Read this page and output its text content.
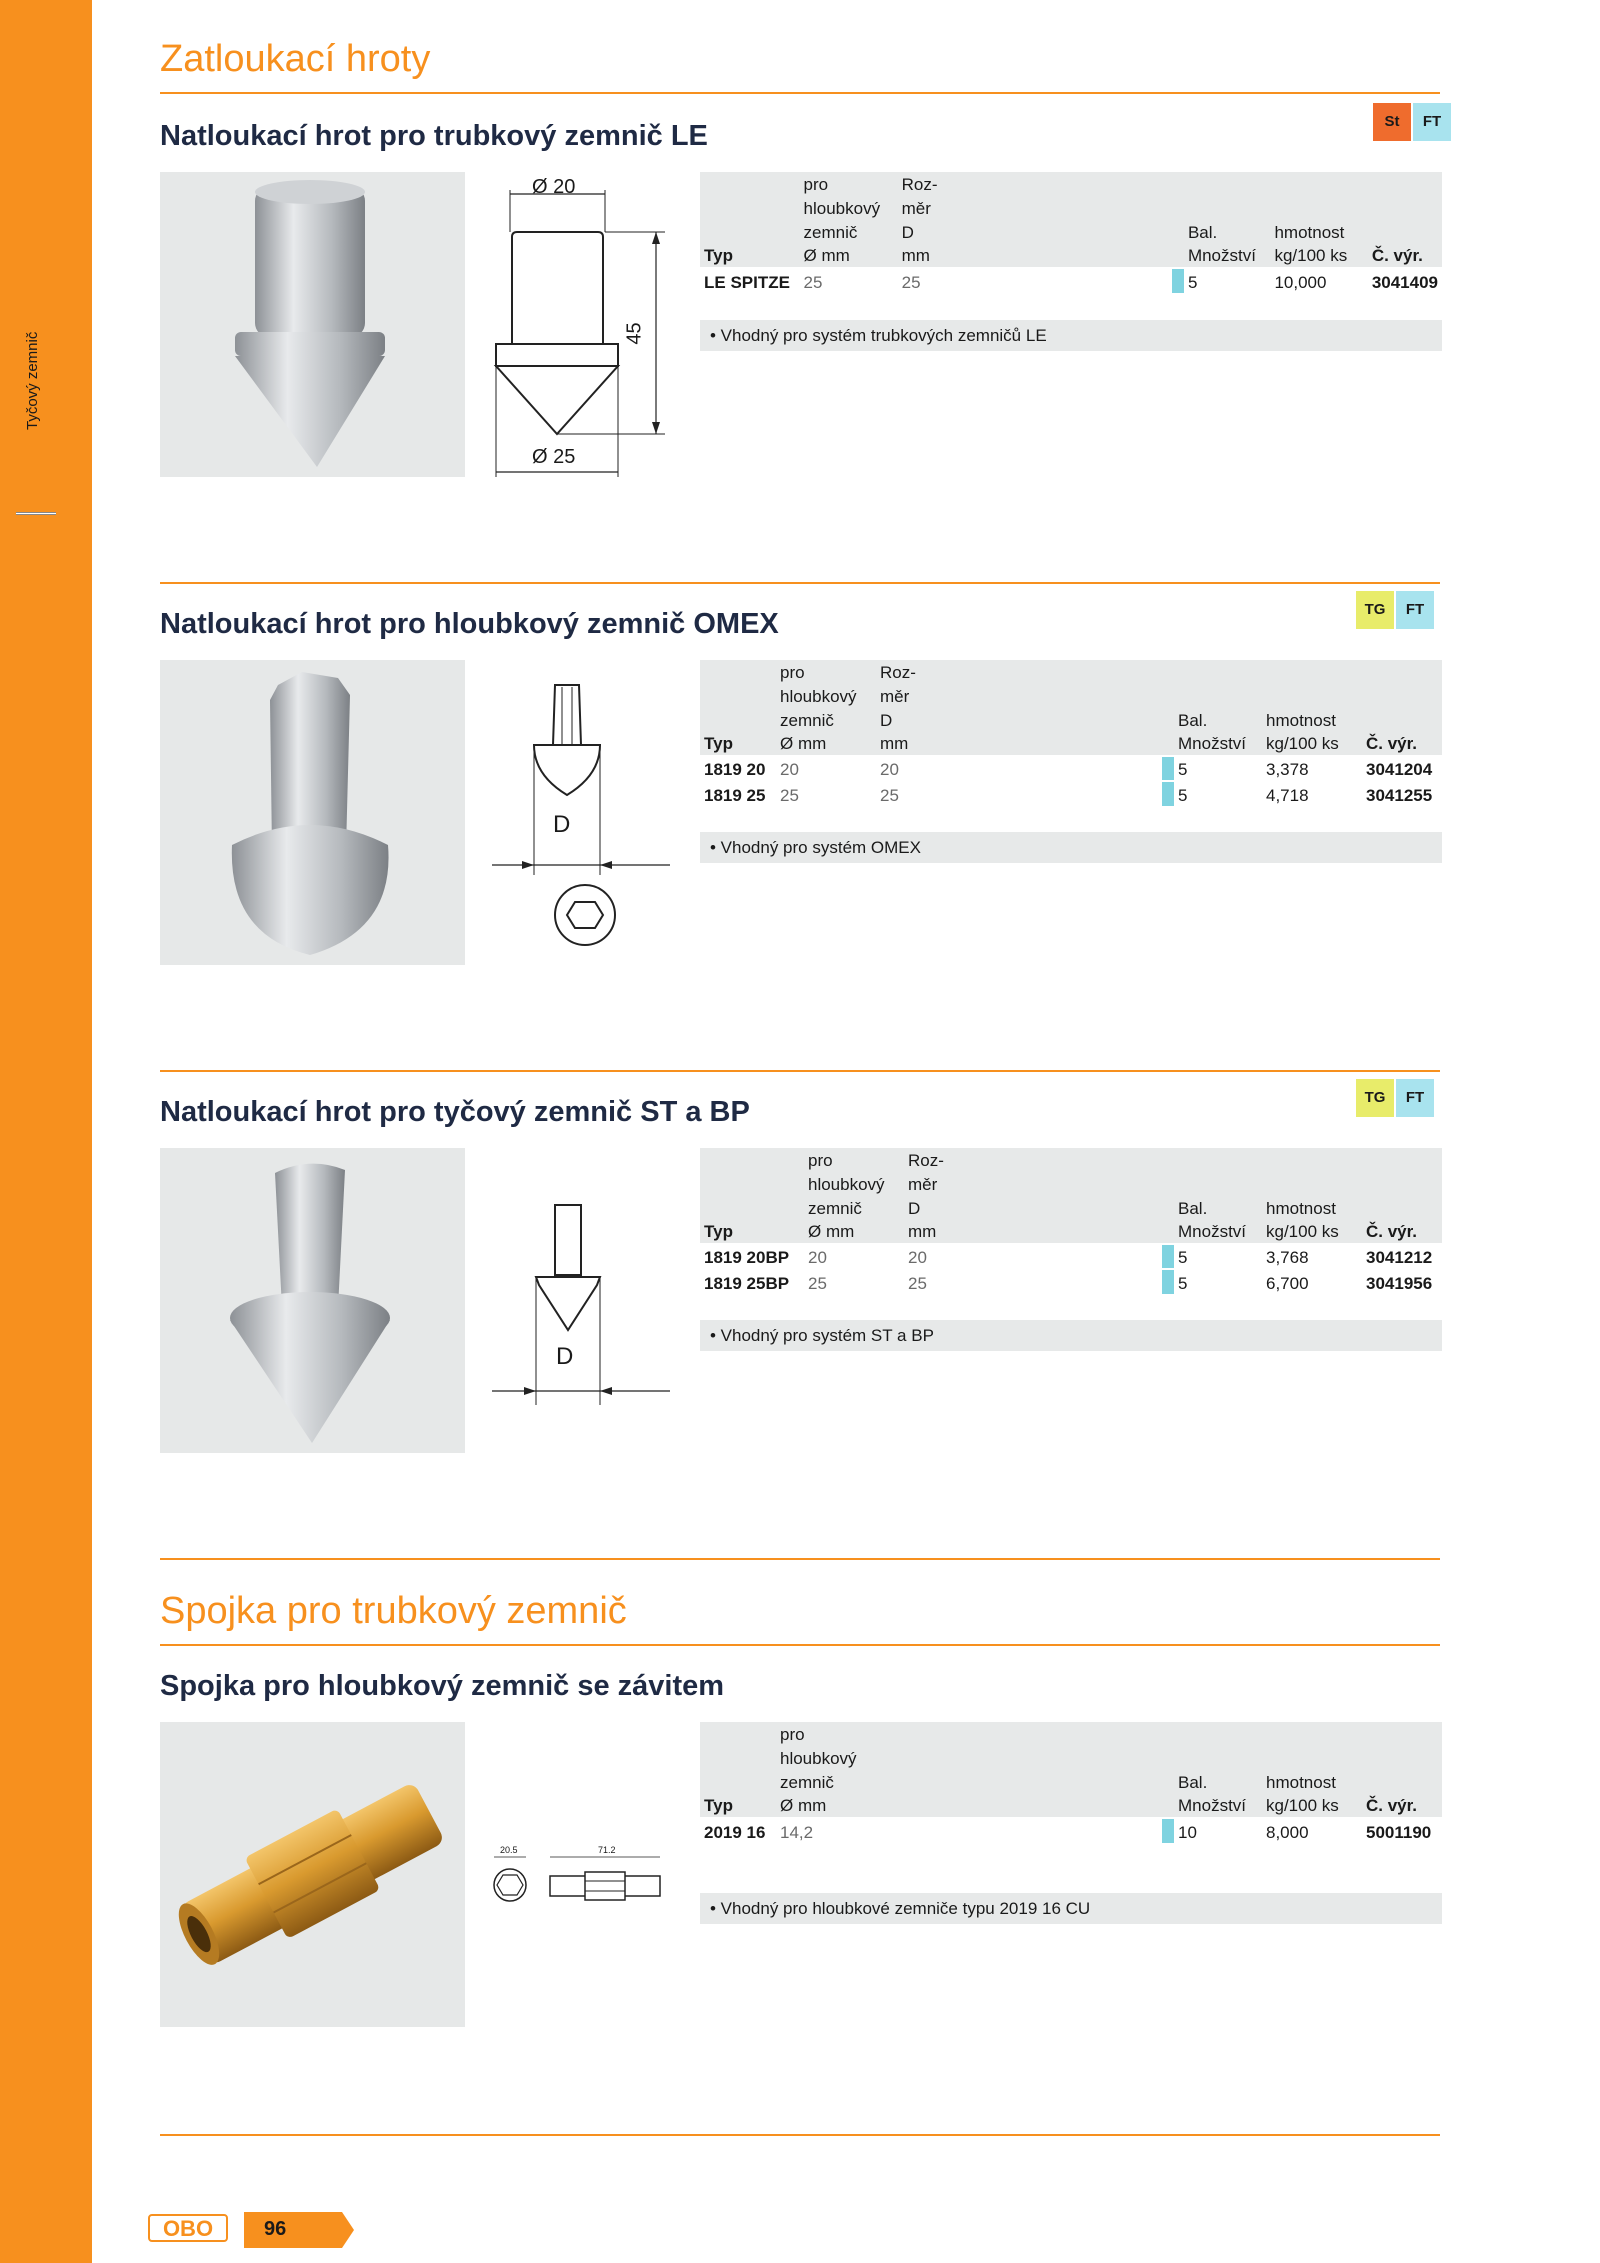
Tyčový zemnič
Zatloukací hroty
Natloukací hrot pro trubkový zemnič LE	St	FT
Ø 20
45
Ø 25
	pro	Roz-					
	hloubkový	měr					
	zemnič	D			Bal.	hmotnost	
Typ	Ø mm	mm			Množství	kg/100 ks	Č. výr.
LE SPITZE	25	25			5	10,000	3041409
• Vhodný pro systém trubkových zemničů LE
Natloukací hrot pro hloubkový zemnič OMEX	TG	FT
D
	pro	Roz-					
	hloubkový	měr					
	zemnič	D			Bal.	hmotnost	
Typ	Ø mm	mm			Množství	kg/100 ks	Č. výr.
1819 20	20	20			5	3,378	3041204
1819 25	25	25			5	4,718	3041255
• Vhodný pro systém OMEX
Natloukací hrot pro tyčový zemnič ST a BP	TG	FT
D
	pro	Roz-					
	hloubkový	měr					
	zemnič	D			Bal.	hmotnost	
Typ	Ø mm	mm			Množství	kg/100 ks	Č. výr.
1819 20BP	20	20			5	3,768	3041212
1819 25BP	25	25			5	6,700	3041956
• Vhodný pro systém ST a BP
Spojka pro trubkový zemnič
Spojka pro hloubkový zemnič se závitem
20.5	71.2
	pro					
	hloubkový					
	zemnič			Bal.	hmotnost	
Typ	Ø mm			Množství	kg/100 ks	Č. výr.
2019 16	14,2			10	8,000	5001190
• Vhodný pro hloubkové zemniče typu 2019 16 CU
OBO	96
